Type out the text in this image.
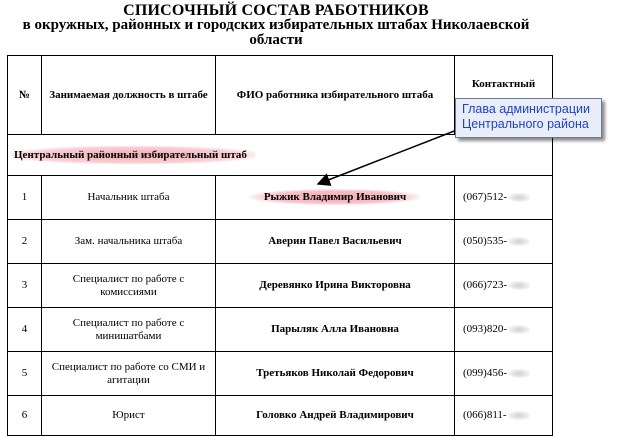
СПИСОЧНЫЙ СОСТАВ РАБОТНИКОВ
в окружных, районных и городских избирательных штабах Николаевской
области
№	Занимаемая должность в штабе	ФИО работника избирательного штаба	Контактный
Центральный районный избирательный штаб			
1	Начальник штаба	Рыжик Владимир Иванович	(067)512-
2	Зам. начальника штаба	Аверин Павел Васильевич	(050)535-
3	Специалист по работе с комиссиями	Деревянко Ирина Викторовна	(066)723-
4	Специалист по работе с минишатбами	Парыляк Алла Ивановна	(093)820-
5	Специалист по работе со СМИ и агитации	Третьяков Николай Федорович	(099)456-
6	Юрист	Головко Андрей Владимирович	(066)811-
Глава администрации
Центрального района
